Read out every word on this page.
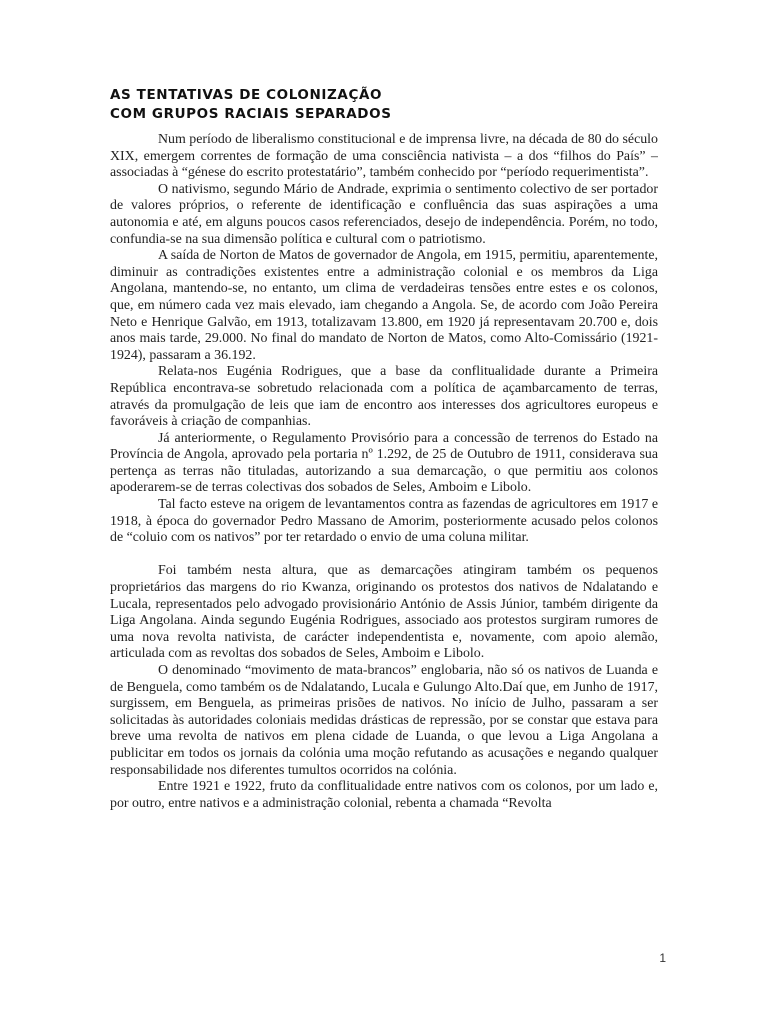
AS TENTATIVAS DE COLONIZAÇÃO
COM GRUPOS RACIAIS SEPARADOS

Num período de liberalismo constitucional e de imprensa livre, na década de 80 do século XIX, emergem correntes de formação de uma consciência nativista – a dos “filhos do País” – associadas à “génese do escrito protestatário”, também conhecido por “período requerimentista”.

O nativismo, segundo Mário de Andrade, exprimia o sentimento colectivo de ser portador de valores próprios, o referente de identificação e confluência das suas aspirações a uma autonomia e até, em alguns poucos casos referenciados, desejo de independência. Porém, no todo, confundia-se na sua dimensão política e cultural com o patriotismo.

A saída de Norton de Matos de governador de Angola, em 1915, permitiu, aparentemente, diminuir as contradições existentes entre a administração colonial e os membros da Liga Angolana, mantendo-se, no entanto, um clima de verdadeiras tensões entre estes e os colonos, que, em número cada vez mais elevado, iam chegando a Angola. Se, de acordo com João Pereira Neto e Henrique Galvão, em 1913, totalizavam 13.800, em 1920 já representavam 20.700 e, dois anos mais tarde, 29.000. No final do mandato de Norton de Matos, como Alto-Comissário (1921-1924), passaram a 36.192.

Relata-nos Eugénia Rodrigues, que a base da conflitualidade durante a Primeira República encontrava-se sobretudo relacionada com a política de açambarcamento de terras, através da promulgação de leis que iam de encontro aos interesses dos agricultores europeus e favoráveis à criação de companhias.

Já anteriormente, o Regulamento Provisório para a concessão de terrenos do Estado na Província de Angola, aprovado pela portaria nº 1.292, de 25 de Outubro de 1911, considerava sua pertença as terras não tituladas, autorizando a sua demarcação, o que permitiu aos colonos apoderarem-se de terras colectivas dos sobados de Seles, Amboim e Libolo.

Tal facto esteve na origem de levantamentos contra as fazendas de agricultores em 1917 e 1918, à época do governador Pedro Massano de Amorim, posteriormente acusado pelos colonos de “coluio com os nativos” por ter retardado o envio de uma coluna militar.

Foi também nesta altura, que as demarcações atingiram também os pequenos proprietários das margens do rio Kwanza, originando os protestos dos nativos de Ndalatando e Lucala, representados pelo advogado provisionário António de Assis Júnior, também dirigente da Liga Angolana. Ainda segundo Eugénia Rodrigues, associado aos protestos surgiram rumores de uma nova revolta nativista, de carácter independentista e, novamente, com apoio alemão, articulada com as revoltas dos sobados de Seles, Amboim e Libolo.

O denominado “movimento de mata-brancos” englobaria, não só os nativos de Luanda e de Benguela, como também os de Ndalatando, Lucala e Gulungo Alto.Daí que, em Junho de 1917, surgissem, em Benguela, as primeiras prisões de nativos. No início de Julho, passaram a ser solicitadas às autoridades coloniais medidas drásticas de repressão, por se constar que estava para breve uma revolta de nativos em plena cidade de Luanda, o que levou a Liga Angolana a publicitar em todos os jornais da colónia uma moção refutando as acusações e negando qualquer responsabilidade nos diferentes tumultos ocorridos na colónia.

Entre 1921 e 1922, fruto da conflitualidade entre nativos com os colonos, por um lado e, por outro, entre nativos e a administração colonial, rebenta a chamada “Revolta

1
